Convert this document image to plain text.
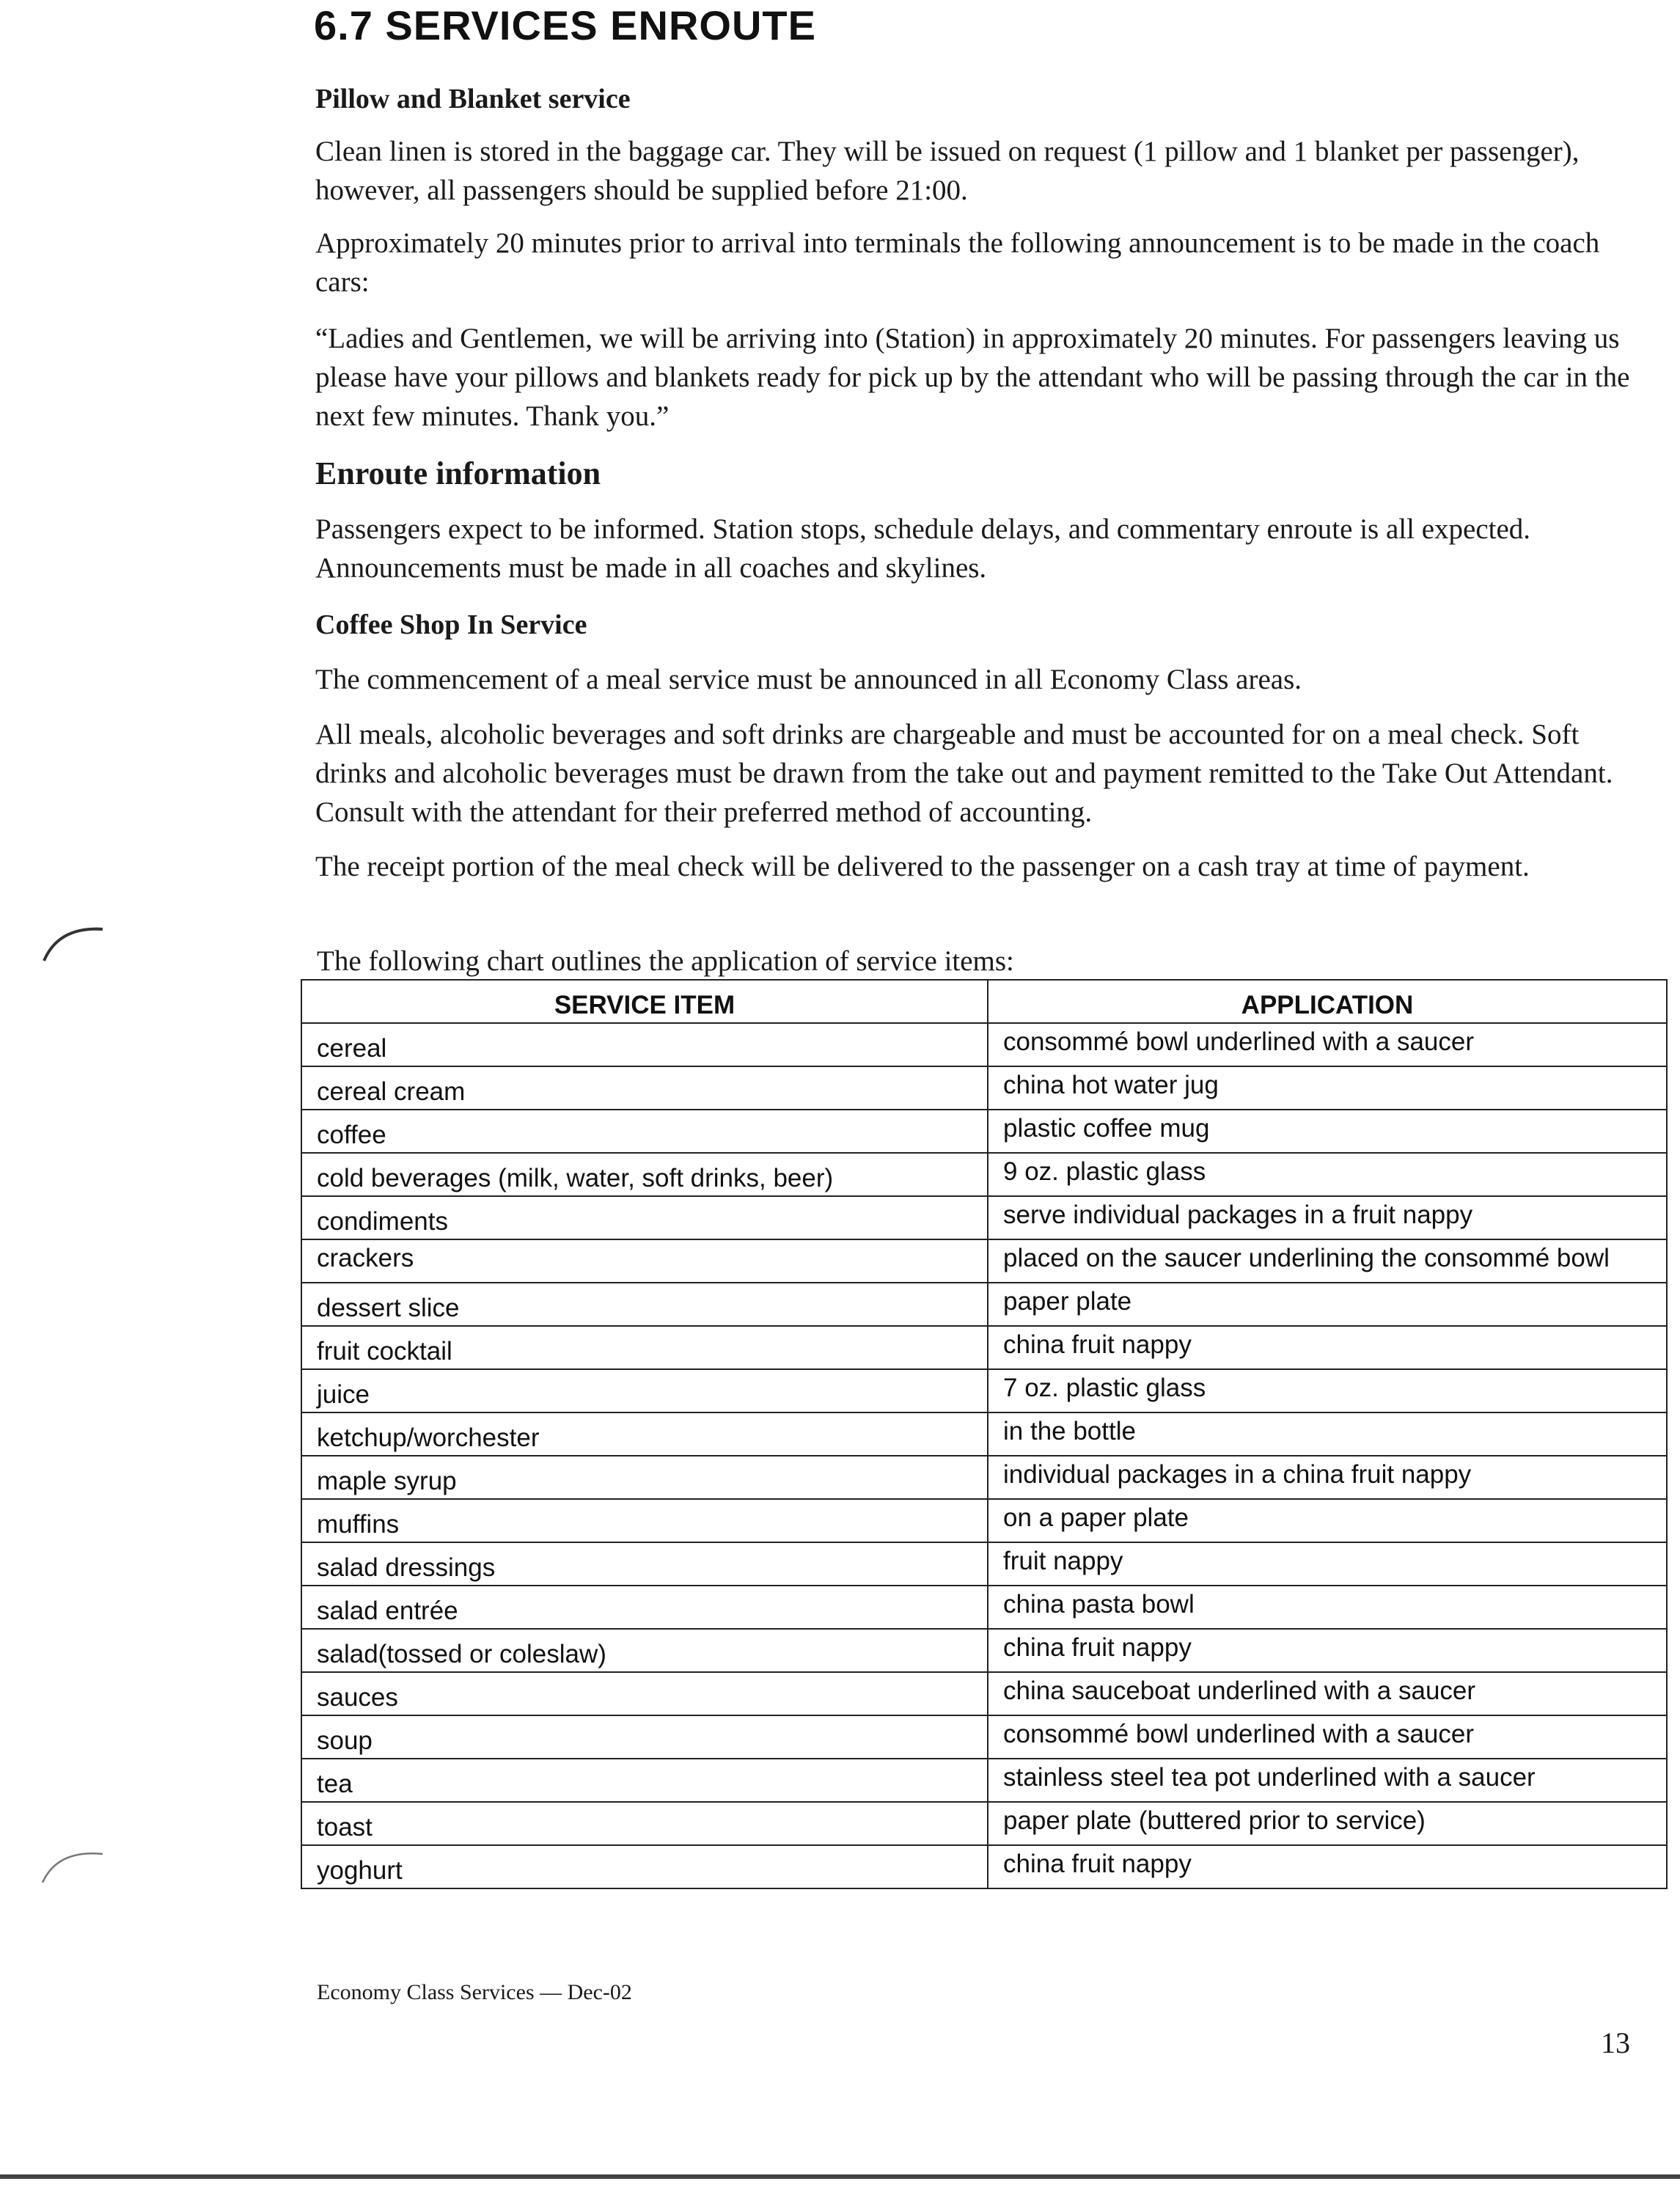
6.7 SERVICES ENROUTE
Pillow and Blanket service

Clean linen is stored in the baggage car. They will be issued on request (1 pillow and 1 blanket per passenger), however, all passengers should be supplied before 21:00.

Approximately 20 minutes prior to arrival into terminals the following announcement is to be made in the coach cars:

“Ladies and Gentlemen, we will be arriving into (Station) in approximately 20 minutes. For passengers leaving us please have your pillows and blankets ready for pick up by the attendant who will be passing through the car in the next few minutes. Thank you.”

Enroute information

Passengers expect to be informed. Station stops, schedule delays, and commentary enroute is all expected. Announcements must be made in all coaches and skylines.

Coffee Shop In Service

The commencement of a meal service must be announced in all Economy Class areas.

All meals, alcoholic beverages and soft drinks are chargeable and must be accounted for on a meal check. Soft drinks and alcoholic beverages must be drawn from the take out and payment remitted to the Take Out Attendant. Consult with the attendant for their preferred method of accounting.

The receipt portion of the meal check will be delivered to the passenger on a cash tray at time of payment.

The following chart outlines the application of service items:

SERVICE ITEM	APPLICATION
cereal	consommé bowl underlined with a saucer
cereal cream	china hot water jug
coffee	plastic coffee mug
cold beverages (milk, water, soft drinks, beer)	9 oz. plastic glass
condiments	serve individual packages in a fruit nappy
crackers	placed on the saucer underlining the consommé bowl
dessert slice	paper plate
fruit cocktail	china fruit nappy
juice	7 oz. plastic glass
ketchup/worchester	in the bottle
maple syrup	individual packages in a china fruit nappy
muffins	on a paper plate
salad dressings	fruit nappy
salad entrée	china pasta bowl
salad(tossed or coleslaw)	china fruit nappy
sauces	china sauceboat underlined with a saucer
soup	consommé bowl underlined with a saucer
tea	stainless steel tea pot underlined with a saucer
toast	paper plate (buttered prior to service)
yoghurt	china fruit nappy

Economy Class Services — Dec-02

13
